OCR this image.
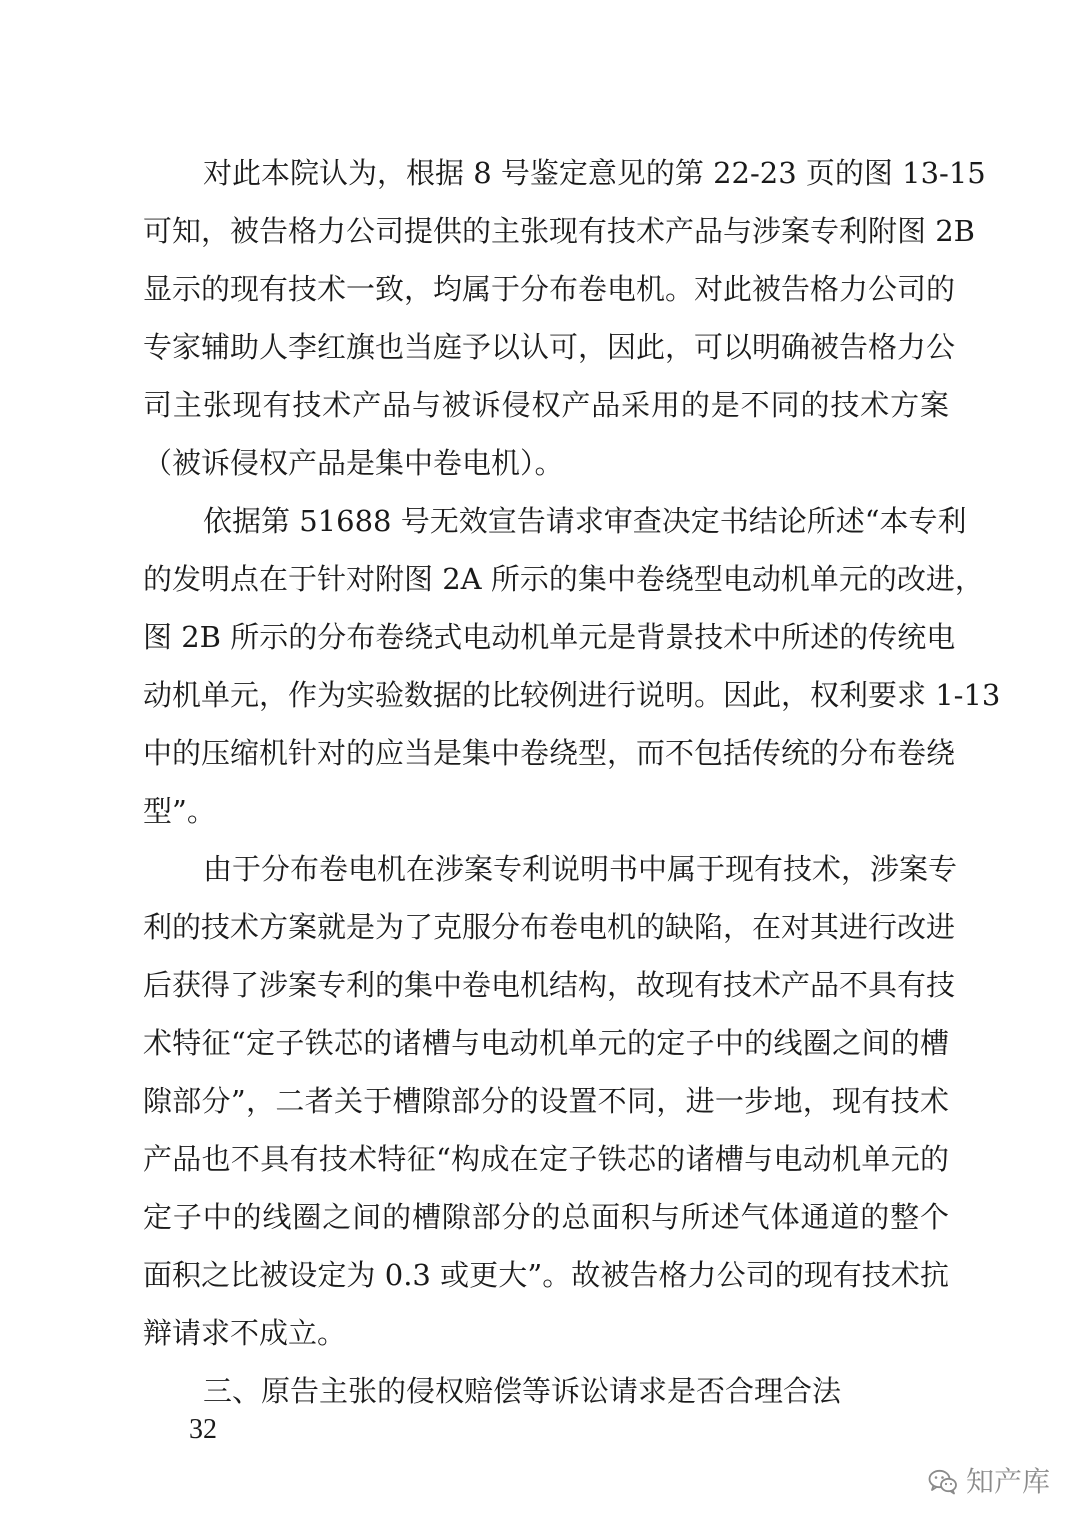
对此本院认为，根据 8 号鉴定意见的第 22-23 页的图 13-15
可知，被告格力公司提供的主张现有技术产品与涉案专利附图 2B
显示的现有技术一致，均属于分布卷电机。对此被告格力公司的
专家辅助人李红旗也当庭予以认可，因此，可以明确被告格力公
司主张现有技术产品与被诉侵权产品采用的是不同的技术方案
（被诉侵权产品是集中卷电机）。
依据第 51688 号无效宣告请求审查决定书结论所述“本专利
的发明点在于针对附图 2A 所示的集中卷绕型电动机单元的改进，
图 2B 所示的分布卷绕式电动机单元是背景技术中所述的传统电
动机单元，作为实验数据的比较例进行说明。因此，权利要求 1-13
中的压缩机针对的应当是集中卷绕型，而不包括传统的分布卷绕
型”。
由于分布卷电机在涉案专利说明书中属于现有技术，涉案专
利的技术方案就是为了克服分布卷电机的缺陷，在对其进行改进
后获得了涉案专利的集中卷电机结构，故现有技术产品不具有技
术特征“定子铁芯的诸槽与电动机单元的定子中的线圈之间的槽
隙部分”，二者关于槽隙部分的设置不同，进一步地，现有技术
产品也不具有技术特征“构成在定子铁芯的诸槽与电动机单元的
定子中的线圈之间的槽隙部分的总面积与所述气体通道的整个
面积之比被设定为 0.3 或更大”。故被告格力公司的现有技术抗
辩请求不成立。
三、原告主张的侵权赔偿等诉讼请求是否合理合法
32
知产库
